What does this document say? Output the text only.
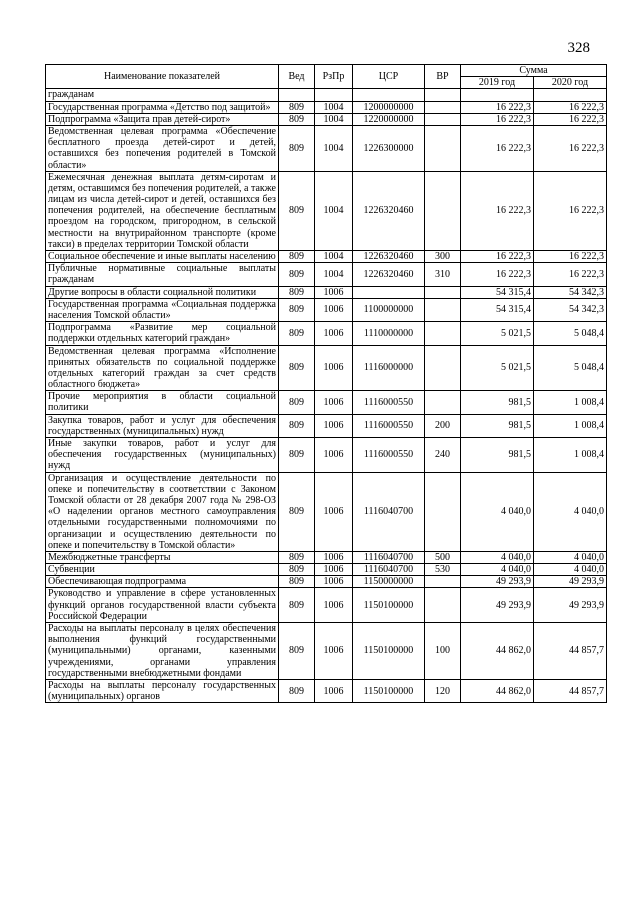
328
Наименование показателей	Вед	РзПр	ЦСР	ВР	Сумма	
					2019 год	2020 год
гражданам						
Государственная программа «Детство под защитой»	809	1004	1200000000		16 222,3	16 222,3
Подпрограмма «Защита прав детей-сирот»	809	1004	1220000000		16 222,3	16 222,3
Ведомственная целевая программа «Обеспечение бесплатного проезда детей-сирот и детей, оставшихся без попечения родителей в Томской области»	809	1004	1226300000		16 222,3	16 222,3
Ежемесячная денежная выплата детям-сиротам и детям, оставшимся без попечения родителей, а также лицам из числа детей-сирот и детей, оставшихся без попечения родителей, на обеспечение бесплатным проездом на городском, пригородном, в сельской местности на внутрирайонном транспорте (кроме такси) в пределах территории Томской области	809	1004	1226320460		16 222,3	16 222,3
Социальное обеспечение и иные выплаты населению	809	1004	1226320460	300	16 222,3	16 222,3
Публичные нормативные социальные выплаты гражданам	809	1004	1226320460	310	16 222,3	16 222,3
Другие вопросы в области социальной политики	809	1006			54 315,4	54 342,3
Государственная программа «Социальная поддержка населения Томской области»	809	1006	1100000000		54 315,4	54 342,3
Подпрограмма «Развитие мер социальной поддержки отдельных категорий граждан»	809	1006	1110000000		5 021,5	5 048,4
Ведомственная целевая программа «Исполнение принятых обязательств по социальной поддержке отдельных категорий граждан за счет средств областного бюджета»	809	1006	1116000000		5 021,5	5 048,4
Прочие мероприятия в области социальной политики	809	1006	1116000550		981,5	1 008,4
Закупка товаров, работ и услуг для обеспечения государственных (муниципальных) нужд	809	1006	1116000550	200	981,5	1 008,4
Иные закупки товаров, работ и услуг для обеспечения государственных (муниципальных) нужд	809	1006	1116000550	240	981,5	1 008,4
Организация и осуществление деятельности по опеке и попечительству в соответствии с Законом Томской области от 28 декабря 2007 года № 298-ОЗ «О наделении органов местного самоуправления отдельными государственными полномочиями по организации и осуществлению деятельности по опеке и попечительству в Томской области»	809	1006	1116040700		4 040,0	4 040,0
Межбюджетные трансферты	809	1006	1116040700	500	4 040,0	4 040,0
Субвенции	809	1006	1116040700	530	4 040,0	4 040,0
Обеспечивающая подпрограмма	809	1006	1150000000		49 293,9	49 293,9
Руководство и управление в сфере установленных функций органов государственной власти субъекта Российской Федерации	809	1006	1150100000		49 293,9	49 293,9
Расходы на выплаты персоналу в целях обеспечения выполнения функций государственными (муниципальными) органами, казенными учреждениями, органами управления государственными внебюджетными фондами	809	1006	1150100000	100	44 862,0	44 857,7
Расходы на выплаты персоналу государственных (муниципальных) органов	809	1006	1150100000	120	44 862,0	44 857,7
